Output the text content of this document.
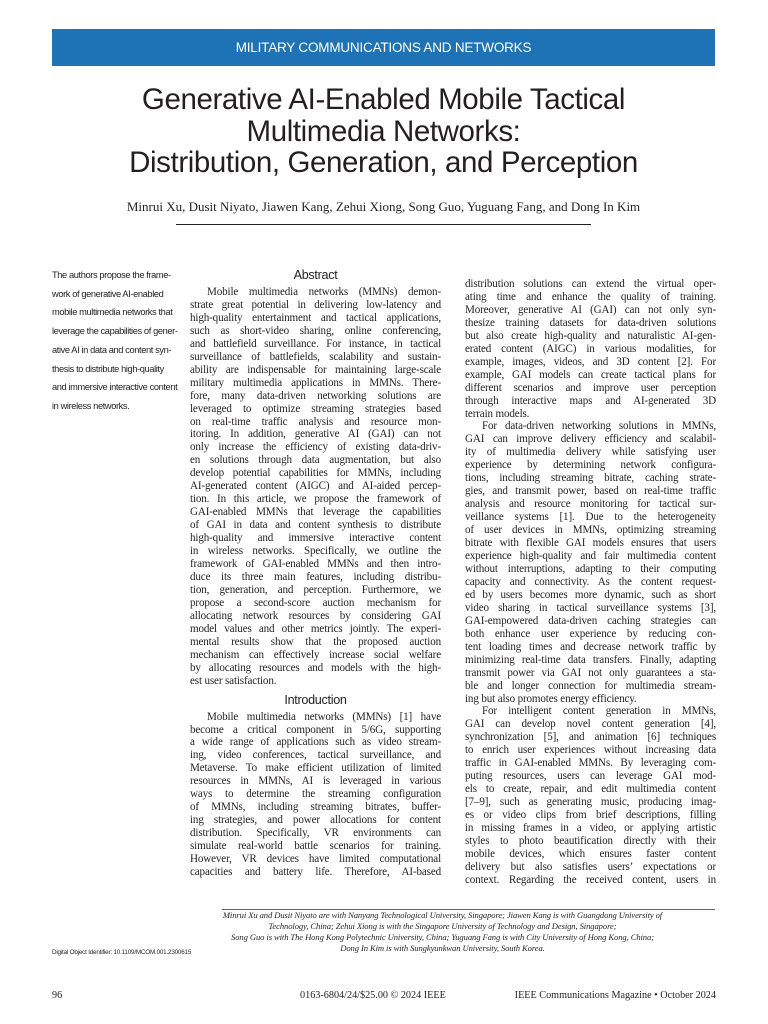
MILITARY COMMUNICATIONS AND NETWORKS
Generative AI-Enabled Mobile Tactical
Multimedia Networks:
Distribution, Generation, and Perception
Minrui Xu, Dusit Niyato, Jiawen Kang, Zehui Xiong, Song Guo, Yuguang Fang, and Dong In Kim
The authors propose the frame-
work of generative AI-enabled
mobile multimedia networks that
leverage the capabilities of gener-
ative AI in data and content syn-
thesis to distribute high-quality
and immersive interactive content
in wireless networks.
Abstract
Mobile multimedia networks (MMNs) demon-
strate great potential in delivering low-latency and
high-quality entertainment and tactical applications,
such as short-video sharing, online conferencing,
and battlefield surveillance. For instance, in tactical
surveillance of battlefields, scalability and sustain-
ability are indispensable for maintaining large-scale
military multimedia applications in MMNs. There-
fore, many data-driven networking solutions are
leveraged to optimize streaming strategies based
on real-time traffic analysis and resource mon-
itoring. In addition, generative AI (GAI) can not
only increase the efficiency of existing data-driv-
en solutions through data augmentation, but also
develop potential capabilities for MMNs, including
AI-generated content (AIGC) and AI-aided percep-
tion. In this article, we propose the framework of
GAI-enabled MMNs that leverage the capabilities
of GAI in data and content synthesis to distribute
high-quality and immersive interactive content
in wireless networks. Specifically, we outline the
framework of GAI-enabled MMNs and then intro-
duce its three main features, including distribu-
tion, generation, and perception. Furthermore, we
propose a second-score auction mechanism for
allocating network resources by considering GAI
model values and other metrics jointly. The experi-
mental results show that the proposed auction
mechanism can effectively increase social welfare
by allocating resources and models with the high-
est user satisfaction.
Introduction
Mobile multimedia networks (MMNs) [1] have
become a critical component in 5/6G, supporting
a wide range of applications such as video stream-
ing, video conferences, tactical surveillance, and
Metaverse. To make efficient utilization of limited
resources in MMNs, AI is leveraged in various
ways to determine the streaming configuration
of MMNs, including streaming bitrates, buffer-
ing strategies, and power allocations for content
distribution. Specifically, VR environments can
simulate real-world battle scenarios for training.
However, VR devices have limited computational
capacities and battery life. Therefore, AI-based
distribution solutions can extend the virtual oper-
ating time and enhance the quality of training.
Moreover, generative AI (GAI) can not only syn-
thesize training datasets for data-driven solutions
but also create high-quality and naturalistic AI-gen-
erated content (AIGC) in various modalities, for
example, images, videos, and 3D content [2]. For
example, GAI models can create tactical plans for
different scenarios and improve user perception
through interactive maps and AI-generated 3D
terrain models.
For data-driven networking solutions in MMNs,
GAI can improve delivery efficiency and scalabil-
ity of multimedia delivery while satisfying user
experience by determining network configura-
tions, including streaming bitrate, caching strate-
gies, and transmit power, based on real-time traffic
analysis and resource monitoring for tactical sur-
veillance systems [1]. Due to the heterogeneity
of user devices in MMNs, optimizing streaming
bitrate with flexible GAI models ensures that users
experience high-quality and fair multimedia content
without interruptions, adapting to their computing
capacity and connectivity. As the content request-
ed by users becomes more dynamic, such as short
video sharing in tactical surveillance systems [3],
GAI-empowered data-driven caching strategies can
both enhance user experience by reducing con-
tent loading times and decrease network traffic by
minimizing real-time data transfers. Finally, adapting
transmit power via GAI not only guarantees a sta-
ble and longer connection for multimedia stream-
ing but also promotes energy efficiency.
For intelligent content generation in MMNs,
GAI can develop novel content generation [4],
synchronization [5], and animation [6] techniques
to enrich user experiences without increasing data
traffic in GAI-enabled MMNs. By leveraging com-
puting resources, users can leverage GAI mod-
els to create, repair, and edit multimedia content
[7–9], such as generating music, producing imag-
es or video clips from brief descriptions, filling
in missing frames in a video, or applying artistic
styles to photo beautification directly with their
mobile devices, which ensures faster content
delivery but also satisfies users’ expectations or
context. Regarding the received content, users in
Minrui Xu and Dusit Niyato are with Nanyang Technological University, Singapore; Jiawen Kang is with Guangdong University of
Technology, China; Zehui Xiong is with the Singapore University of Technology and Design, Singapore;
Song Guo is with The Hong Kong Polytechnic University, China; Yuguang Fang is with City University of Hong Kong, China;
Dong In Kim is with Sungkyunkwan University, South Korea.
Digital Object Identifier: 10.1109/MCOM.001.2300615
96	0163-6804/24/$25.00 © 2024 IEEE	IEEE Communications Magazine • October 2024
